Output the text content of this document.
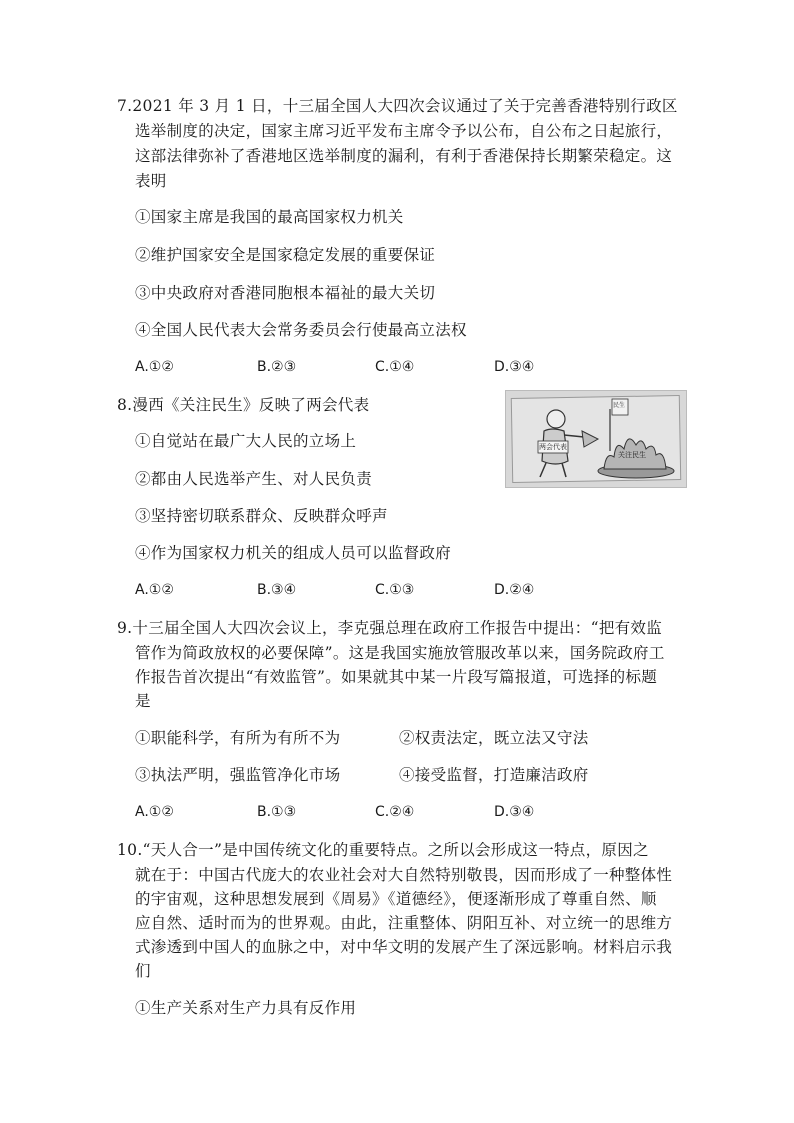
7.2021 年 3 月 1 日，十三届全国人大四次会议通过了关于完善香港特别行政区
选举制度的决定，国家主席习近平发布主席令予以公布，自公布之日起旅行，
这部法律弥补了香港地区选举制度的漏利，有利于香港保持长期繁荣稳定。这
表明
①国家主席是我国的最高国家权力机关
②维护国家安全是国家稳定发展的重要保证
③中央政府对香港同胞根本福祉的最大关切
④全国人民代表大会常务委员会行使最高立法权
A.①②	B.②③	C.①④	D.③④
8.漫西《关注民生》反映了两会代表
①自觉站在最广大人民的立场上
②都由人民选举产生、对人民负责
③坚持密切联系群众、反映群众呼声
④作为国家权力机关的组成人员可以监督政府
A.①②	B.③④	C.①③	D.②④
两会代表
关注民生
民生
9.十三届全国人大四次会议上，李克强总理在政府工作报告中提出：“把有效监
管作为简政放权的必要保障”。这是我国实施放管服改革以来，国务院政府工
作报告首次提出“有效监管”。如果就其中某一片段写篇报道，可选择的标题
是
①职能科学，有所为有所不为	②权责法定，既立法又守法
③执法严明，强监管净化市场	④接受监督，打造廉洁政府
A.①②	B.①③	C.②④	D.③④
10.“天人合一”是中国传统文化的重要特点。之所以会形成这一特点，原因之
就在于：中国古代庞大的农业社会对大自然特别敬畏，因而形成了一种整体性
的宇宙观，这种思想发展到《周易》《道德经》，便逐渐形成了尊重自然、顺
应自然、适时而为的世界观。由此，注重整体、阴阳互补、对立统一的思维方
式渗透到中国人的血脉之中，对中华文明的发展产生了深远影响。材料启示我
们
①生产关系对生产力具有反作用
